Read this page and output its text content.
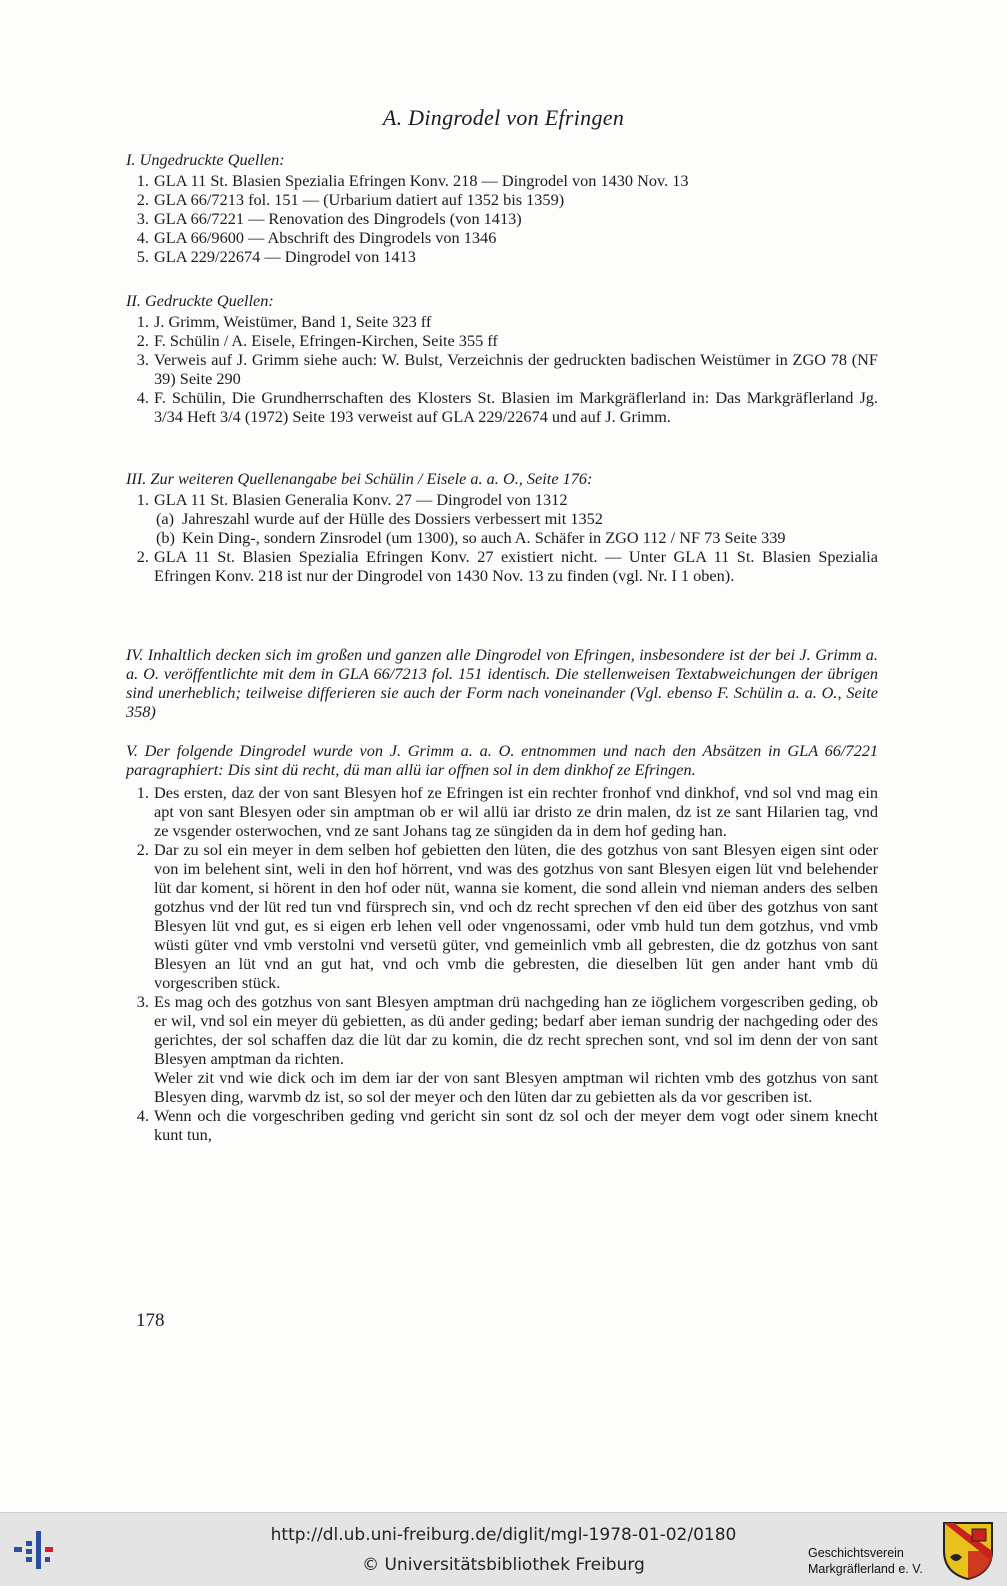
A. Dingrodel von Efringen

I. Ungedruckte Quellen:

1. GLA 11 St. Blasien Spezialia Efringen Konv. 218 — Dingrodel von 1430 Nov. 13
2. GLA 66/7213 fol. 151 — (Urbarium datiert auf 1352 bis 1359)
3. GLA 66/7221 — Renovation des Dingrodels (von 1413)
4. GLA 66/9600 — Abschrift des Dingrodels von 1346
5. GLA 229/22674 — Dingrodel von 1413

II. Gedruckte Quellen:

1. J. Grimm, Weistümer, Band 1, Seite 323 ff
2. F. Schülin / A. Eisele, Efringen-Kirchen, Seite 355 ff
3. Verweis auf J. Grimm siehe auch: W. Bulst, Verzeichnis der gedruckten badischen Weistümer in ZGO 78 (NF 39) Seite 290
4. F. Schülin, Die Grundherrschaften des Klosters St. Blasien im Markgräflerland in: Das Markgräflerland Jg. 3/34 Heft 3/4 (1972) Seite 193 verweist auf GLA 229/22674 und auf J. Grimm.

III. Zur weiteren Quellenangabe bei Schülin / Eisele a. a. O., Seite 176:

1. GLA 11 St. Blasien Generalia Konv. 27 — Dingrodel von 1312
(a) Jahreszahl wurde auf der Hülle des Dossiers verbessert mit 1352
(b) Kein Ding-, sondern Zinsrodel (um 1300), so auch A. Schäfer in ZGO 112 / NF 73 Seite 339
2. GLA 11 St. Blasien Spezialia Efringen Konv. 27 existiert nicht. — Unter GLA 11 St. Blasien Spezialia Efringen Konv. 218 ist nur der Dingrodel von 1430 Nov. 13 zu finden (vgl. Nr. I 1 oben).

IV. Inhaltlich decken sich im großen und ganzen alle Dingrodel von Efringen, insbesondere ist der bei J. Grimm a. a. O. veröffentlichte mit dem in GLA 66/7213 fol. 151 identisch. Die stellenweisen Textabweichungen der übrigen sind unerheblich; teilweise differieren sie auch der Form nach voneinander (Vgl. ebenso F. Schülin a. a. O., Seite 358)

V. Der folgende Dingrodel wurde von J. Grimm a. a. O. entnommen und nach den Absätzen in GLA 66/7221 paragraphiert: Dis sint dü recht, dü man allü iar offnen sol in dem dinkhof ze Efringen.

1. Des ersten, daz der von sant Blesyen hof ze Efringen ist ein rechter fronhof vnd dinkhof, vnd sol vnd mag ein apt von sant Blesyen oder sin amptman ob er wil allü iar dristo ze drin malen, dz ist ze sant Hilarien tag, vnd ze vsgender osterwochen, vnd ze sant Johans tag ze süngiden da in dem hof geding han.
2. Dar zu sol ein meyer in dem selben hof gebietten den lüten, die des gotzhus von sant Blesyen eigen sint oder von im belehent sint, weli in den hof hörrent, vnd was des gotzhus von sant Blesyen eigen lüt vnd belehender lüt dar koment, si hörent in den hof oder nüt, wanna sie koment, die sond allein vnd nieman anders des selben gotzhus vnd der lüt red tun vnd fürsprech sin, vnd och dz recht sprechen vf den eid über des gotzhus von sant Blesyen lüt vnd gut, es si eigen erb lehen vell oder vngenossami, oder vmb huld tun dem gotzhus, vnd vmb wüsti güter vnd vmb verstolni vnd versetü güter, vnd gemeinlich vmb all gebresten, die dz gotzhus von sant Blesyen an lüt vnd an gut hat, vnd och vmb die gebresten, die dieselben lüt gen ander hant vmb dü vorgescriben stück.
3. Es mag och des gotzhus von sant Blesyen amptman drü nachgeding han ze iöglichem vorgescriben geding, ob er wil, vnd sol ein meyer dü gebietten, as dü ander geding; bedarf aber ieman sundrig der nachgeding oder des gerichtes, der sol schaffen daz die lüt dar zu komin, die dz recht sprechen sont, vnd sol im denn der von sant Blesyen amptman da richten.
Weler zit vnd wie dick och im dem iar der von sant Blesyen amptman wil richten vmb des gotzhus von sant Blesyen ding, warvmb dz ist, so sol der meyer och den lüten dar zu gebietten als da vor gescriben ist.
4. Wenn och die vorgeschriben geding vnd gericht sin sont dz sol och der meyer dem vogt oder sinem knecht kunt tun,
178
http://dl.ub.uni-freiburg.de/diglit/mgl-1978-01-02/0180
© Universitätsbibliothek Freiburg
Geschichtsverein
Markgräflerland e. V.
